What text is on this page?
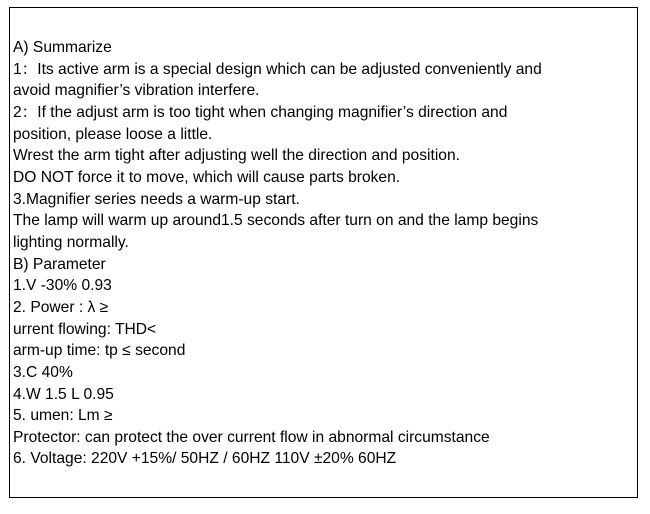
A) Summarize

1：Its active arm is a special design which can be adjusted conveniently and

avoid magnifier’s vibration interfere.

2：If the adjust arm is too tight when changing magnifier’s direction and

position, please loose a little.

Wrest the arm tight after adjusting well the direction and position.

DO NOT force it to move, which will cause parts broken.

3.Magnifier series needs a warm-up start.

The lamp will warm up around1.5 seconds after turn on and the lamp begins

lighting normally.

B) Parameter

1.V -30% 0.93

2. Power : λ ≥

urrent flowing: THD<

arm-up time: tp ≤ second

3.C 40%

4.W 1.5 L 0.95

5. umen: Lm ≥

Protector: can protect the over current flow in abnormal circumstance

6. Voltage: 220V +15%/ 50HZ / 60HZ 110V ±20% 60HZ
